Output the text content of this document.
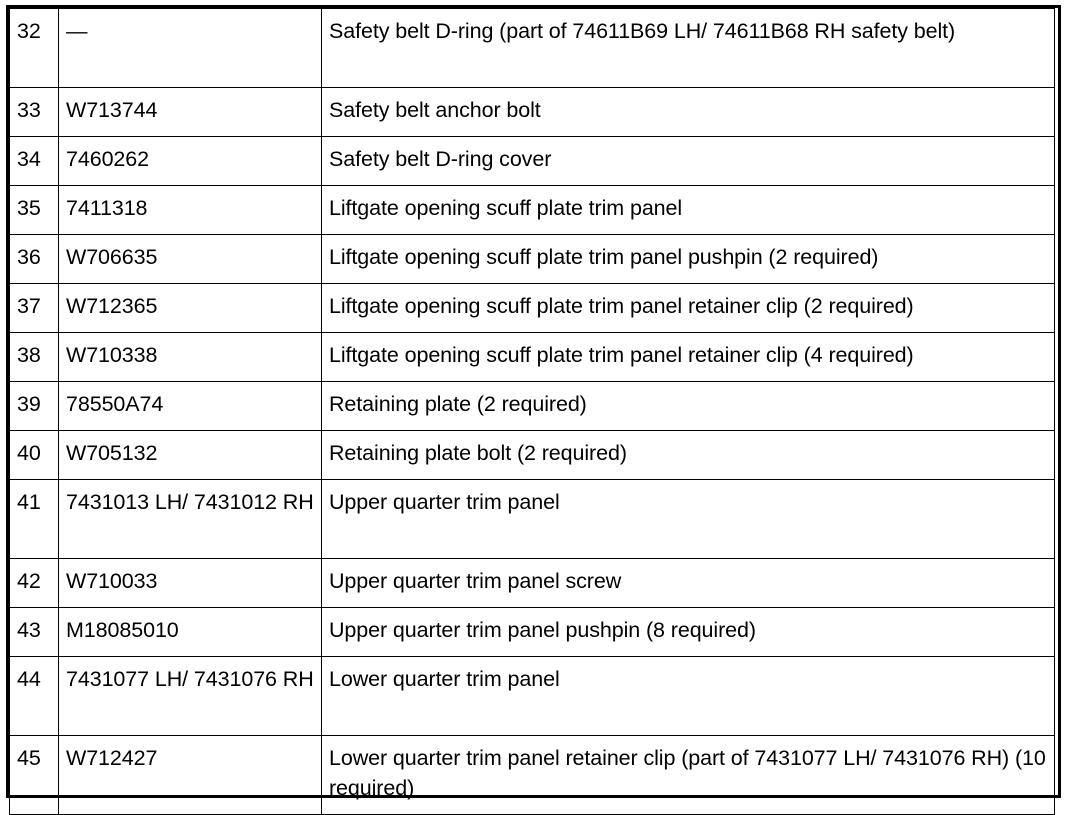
32	—	Safety belt D-ring (part of 74611B69 LH/ 74611B68 RH safety belt)
33	W713744	Safety belt anchor bolt
34	7460262	Safety belt D-ring cover
35	7411318	Liftgate opening scuff plate trim panel
36	W706635	Liftgate opening scuff plate trim panel pushpin (2 required)
37	W712365	Liftgate opening scuff plate trim panel retainer clip (2 required)
38	W710338	Liftgate opening scuff plate trim panel retainer clip (4 required)
39	78550A74	Retaining plate (2 required)
40	W705132	Retaining plate bolt (2 required)
41	7431013 LH/ 7431012 RH	Upper quarter trim panel
42	W710033	Upper quarter trim panel screw
43	M18085010	Upper quarter trim panel pushpin (8 required)
44	7431077 LH/ 7431076 RH	Lower quarter trim panel
45	W712427	Lower quarter trim panel retainer clip (part of 7431077 LH/ 7431076 RH) (10 required)
